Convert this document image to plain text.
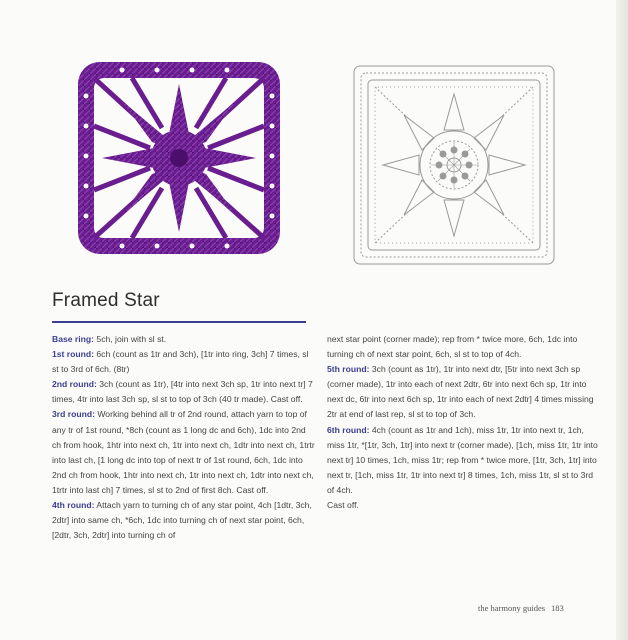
Framed Star

Base ring: 5ch, join with sl st.

1st round: 6ch (count as 1tr and 3ch), [1tr into ring, 3ch] 7 times, sl st to 3rd of 6ch. (8tr)

2nd round: 3ch (count as 1tr), [4tr into next 3ch sp, 1tr into next tr] 7 times, 4tr into last 3ch sp, sl st to top of 3ch (40 tr made). Cast off.

3rd round: Working behind all tr of 2nd round, attach yarn to top of any tr of 1st round, *8ch (count as 1 long dc and 6ch), 1dc into 2nd ch from hook, 1htr into next ch, 1tr into next ch, 1dtr into next ch, 1trtr into last ch, [1 long dc into top of next tr of 1st round, 6ch, 1dc into 2nd ch from hook, 1htr into next ch, 1tr into next ch, 1dtr into next ch, 1trtr into last ch] 7 times, sl st to 2nd of first 8ch. Cast off.

4th round: Attach yarn to turning ch of any star point, 4ch [1dtr, 3ch, 2dtr] into same ch, *6ch, 1dc into turning ch of next star point, 6ch, [2dtr, 3ch, 2dtr] into turning ch of

next star point (corner made); rep from * twice more, 6ch, 1dc into turning ch of next star point, 6ch, sl st to top of 4ch.

5th round: 3ch (count as 1tr), 1tr into next dtr, [5tr into next 3ch sp (corner made), 1tr into each of next 2dtr, 6tr into next 6ch sp, 1tr into next dc, 6tr into next 6ch sp, 1tr into each of next 2dtr] 4 times missing 2tr at end of last rep, sl st to top of 3ch.

6th round: 4ch (count as 1tr and 1ch), miss 1tr, 1tr into next tr, 1ch, miss 1tr, *[1tr, 3ch, 1tr] into next tr (corner made), [1ch, miss 1tr, 1tr into next tr] 10 times, 1ch, miss 1tr; rep from * twice more, [1tr, 3ch, 1tr] into next tr, [1ch, miss 1tr, 1tr into next tr] 8 times, 1ch, miss 1tr, sl st to 3rd of 4ch.

Cast off.

the harmony guides 183
